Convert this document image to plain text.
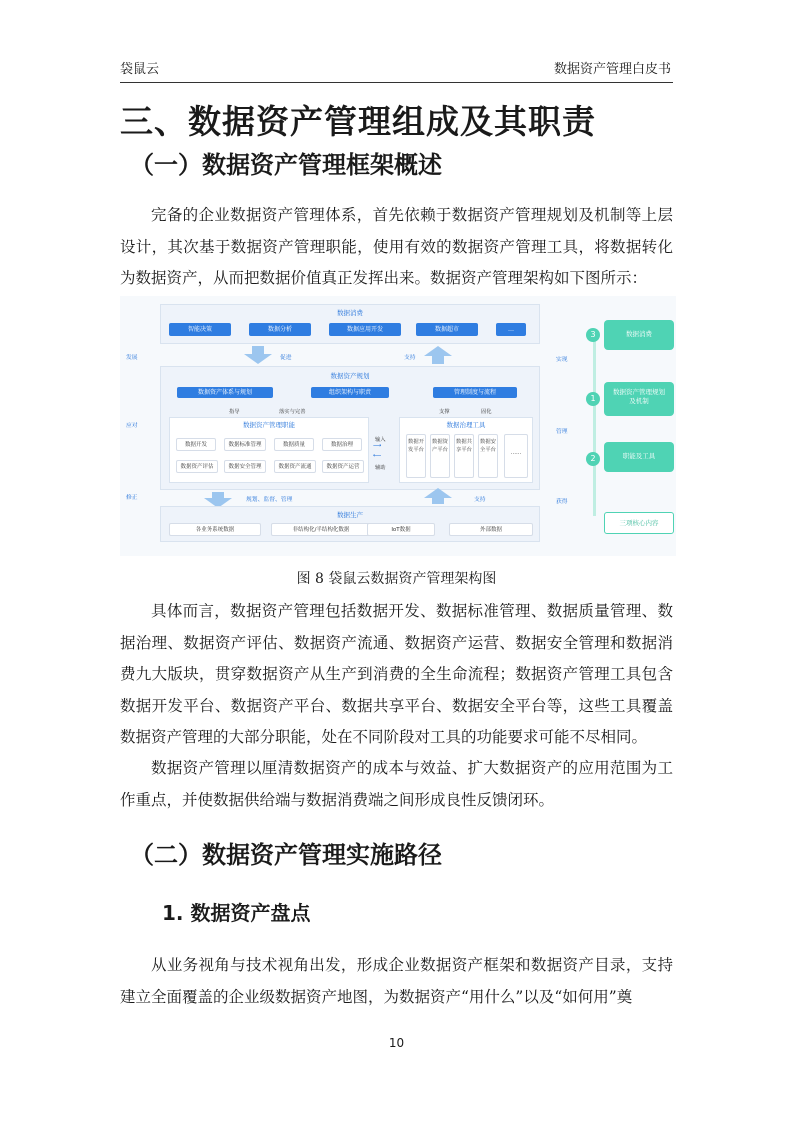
袋鼠云	数据资产管理白皮书
三、数据资产管理组成及其职责
（一）数据资产管理框架概述
完备的企业数据资产管理体系，首先依赖于数据资产管理规划及机制等上层设计，其次基于数据资产管理职能，使用有效的数据资产管理工具，将数据转化为数据资产，从而把数据价值真正发挥出来。数据资产管理架构如下图所示：
数据消费
智能决策	数据分析	数据应用开发	数据超市	…
促进	支持
数据资产规划
数据资产体系与规划	组织架构与职责	管理制度与流程
指导	落实与完善	支撑	固化
数据资产管理职能
数据开发	数据标准管理	数据质量	数据治理
数据资产评估	数据安全管理	数据资产流通	数据资产运营
输入
⟶
⟵
辅助
数据治理工具
数据开发平台
数据资产平台
数据共享平台
数据安全平台	……
规划、监督、管理	支持
数据生产
各业务系统数据	非结构化/半结构化数据	IoT数据	外部数据
发展
应对
修正
实现
管理
获得
3	数据消费
1
数据资产管理规划及机制
2	职能及工具
三项核心内容
图 8 袋鼠云数据资产管理架构图
具体而言，数据资产管理包括数据开发、数据标准管理、数据质量管理、数据治理、数据资产评估、数据资产流通、数据资产运营、数据安全管理和数据消费九大版块，贯穿数据资产从生产到消费的全生命流程；数据资产管理工具包含数据开发平台、数据资产平台、数据共享平台、数据安全平台等，这些工具覆盖数据资产管理的大部分职能，处在不同阶段对工具的功能要求可能不尽相同。
数据资产管理以厘清数据资产的成本与效益、扩大数据资产的应用范围为工作重点，并使数据供给端与数据消费端之间形成良性反馈闭环。
（二）数据资产管理实施路径
1. 数据资产盘点
从业务视角与技术视角出发，形成企业数据资产框架和数据资产目录，支持建立全面覆盖的企业级数据资产地图，为数据资产“用什么”以及“如何用”奠
10
